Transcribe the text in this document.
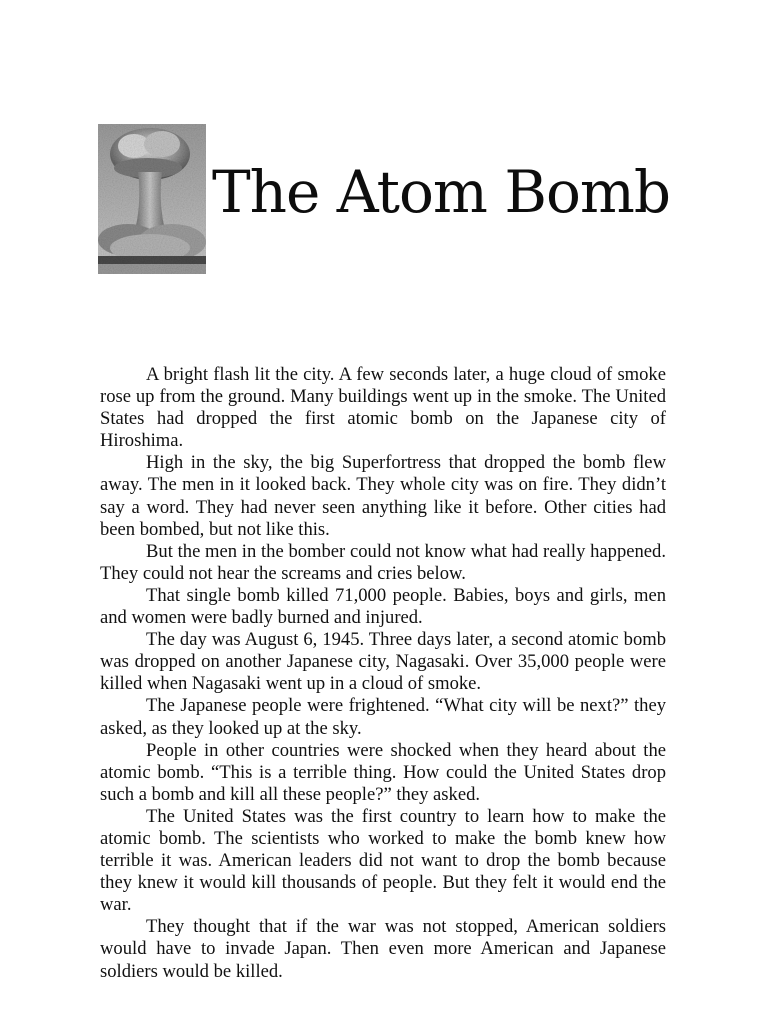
The Atom Bomb

A bright flash lit the city. A few seconds later, a huge cloud of smoke rose up from the ground. Many buildings went up in the smoke. The United States had dropped the first atomic bomb on the Japanese city of Hiroshima.

High in the sky, the big Superfortress that dropped the bomb flew away. The men in it looked back. They whole city was on fire. They didn’t say a word. They had never seen anything like it before. Other cities had been bombed, but not like this.

But the men in the bomber could not know what had really happened. They could not hear the screams and cries below.

That single bomb killed 71,000 people. Babies, boys and girls, men and women were badly burned and injured.

The day was August 6, 1945. Three days later, a second atomic bomb was dropped on another Japanese city, Nagasaki. Over 35,000 people were killed when Nagasaki went up in a cloud of smoke.

The Japanese people were frightened. “What city will be next?” they asked, as they looked up at the sky.

People in other countries were shocked when they heard about the atomic bomb. “This is a terrible thing. How could the United States drop such a bomb and kill all these people?” they asked.

The United States was the first country to learn how to make the atomic bomb. The scientists who worked to make the bomb knew how terrible it was. American leaders did not want to drop the bomb because they knew it would kill thousands of people. But they felt it would end the war.

They thought that if the war was not stopped, American soldiers would have to invade Japan. Then even more American and Japanese soldiers would be killed.
